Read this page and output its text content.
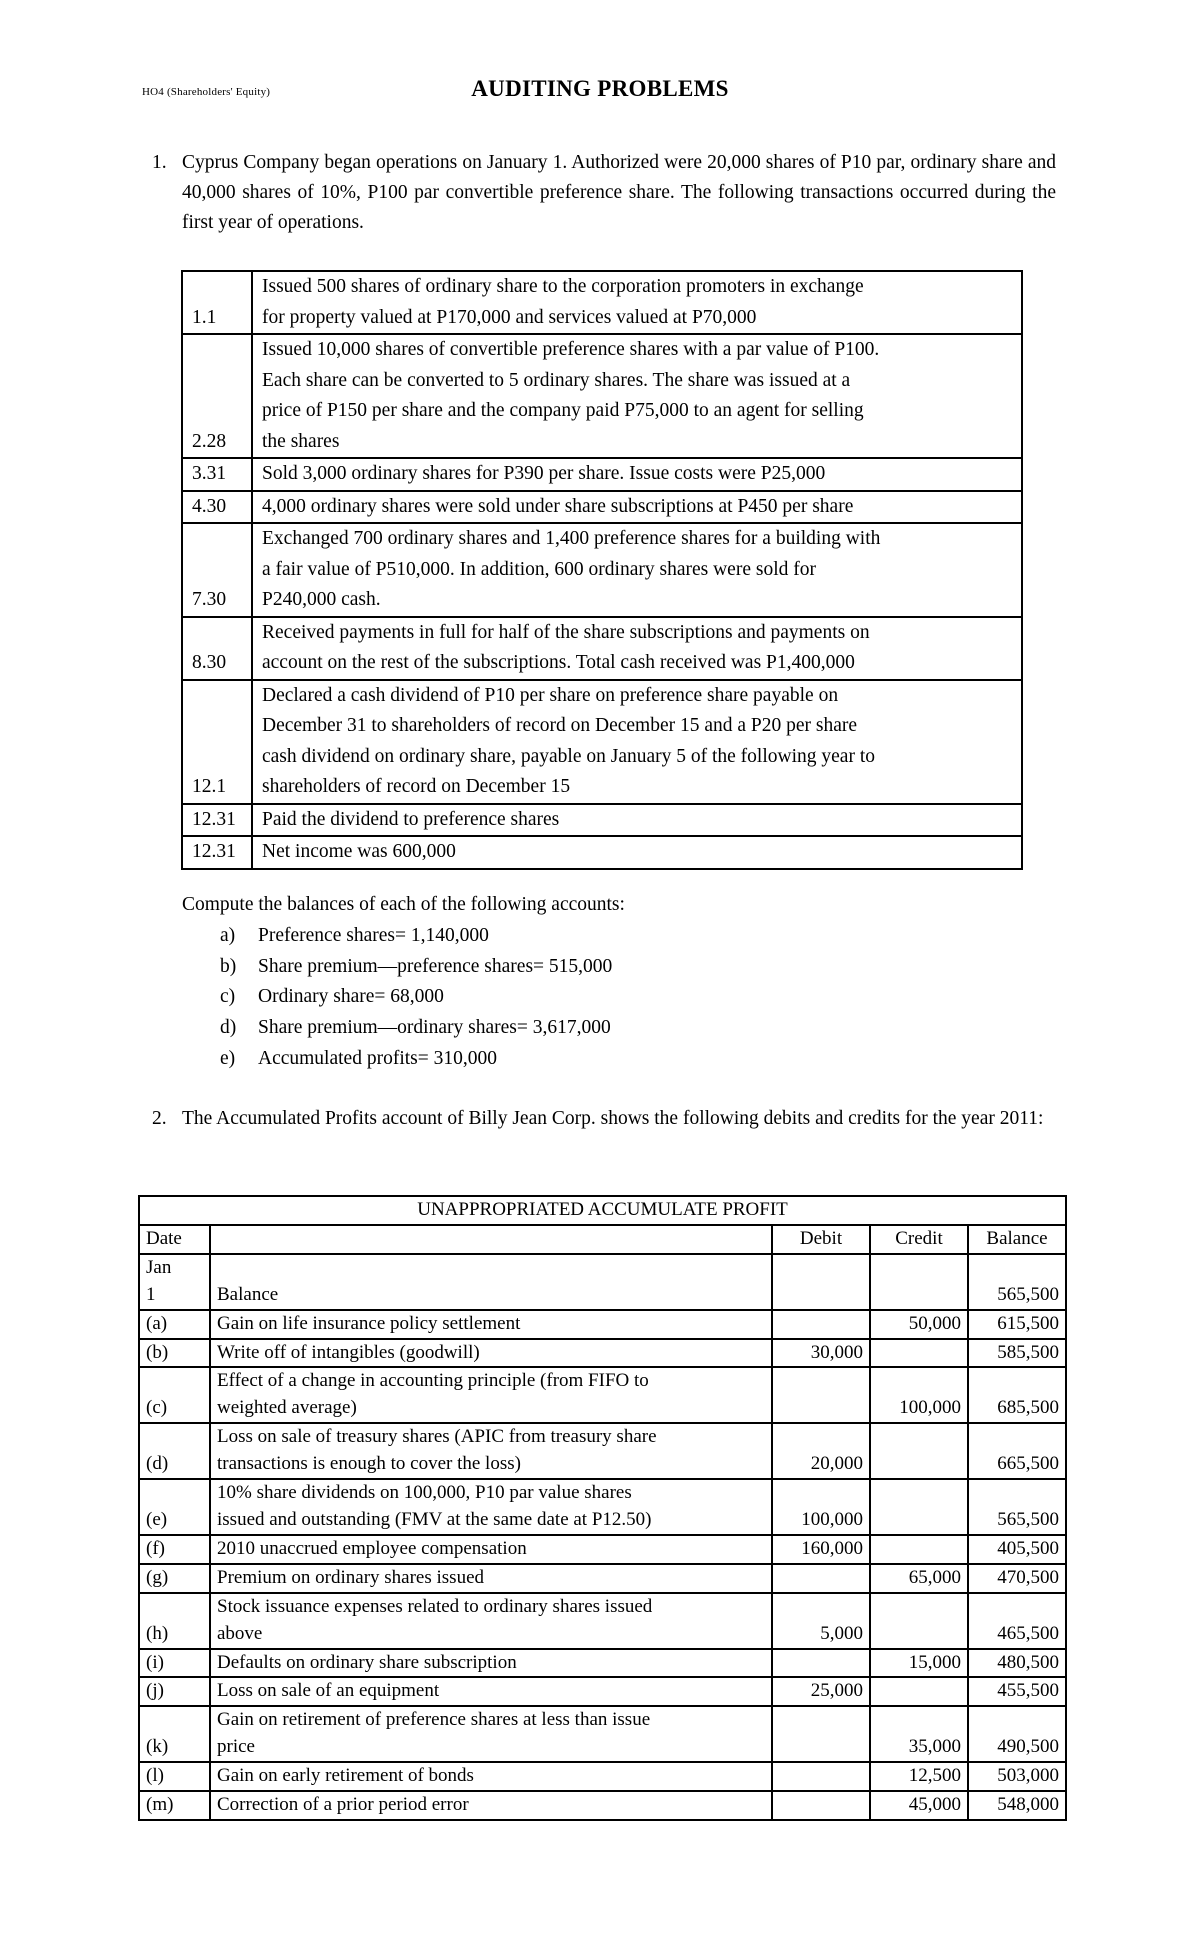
HO4 (Shareholders' Equity)	AUDITING PROBLEMS
1. Cyprus Company began operations on January 1. Authorized were 20,000 shares of P10 par, ordinary share and 40,000 shares of 10%, P100 par convertible preference share. The following transactions occurred during the first year of operations.
1.1	Issued 500 shares of ordinary share to the corporation promoters in exchange
for property valued at P170,000 and services valued at P70,000
2.28	Issued 10,000 shares of convertible preference shares with a par value of P100.
Each share can be converted to 5 ordinary shares. The share was issued at a
price of P150 per share and the company paid P75,000 to an agent for selling
the shares
3.31	Sold 3,000 ordinary shares for P390 per share. Issue costs were P25,000
4.30	4,000 ordinary shares were sold under share subscriptions at P450 per share
7.30	Exchanged 700 ordinary shares and 1,400 preference shares for a building with
a fair value of P510,000. In addition, 600 ordinary shares were sold for
P240,000 cash.
8.30	Received payments in full for half of the share subscriptions and payments on
account on the rest of the subscriptions. Total cash received was P1,400,000
12.1	Declared a cash dividend of P10 per share on preference share payable on
December 31 to shareholders of record on December 15 and a P20 per share
cash dividend on ordinary share, payable on January 5 of the following year to
shareholders of record on December 15
12.31	Paid the dividend to preference shares
12.31	Net income was 600,000
Compute the balances of each of the following accounts:
a) Preference shares= 1,140,000
b) Share premium—preference shares= 515,000
c) Ordinary share= 68,000
d) Share premium—ordinary shares= 3,617,000
e) Accumulated profits= 310,000
2. The Accumulated Profits account of Billy Jean Corp. shows the following debits and credits for the year 2011:
UNAPPROPRIATED ACCUMULATE PROFIT				
Date		Debit	Credit	Balance
Jan
1	Balance			565,500
(a)	Gain on life insurance policy settlement		50,000	615,500
(b)	Write off of intangibles (goodwill)	30,000		585,500
(c)	Effect of a change in accounting principle (from FIFO to
weighted average)		100,000	685,500
(d)	Loss on sale of treasury shares (APIC from treasury share
transactions is enough to cover the loss)	20,000		665,500
(e)	10% share dividends on 100,000, P10 par value shares
issued and outstanding (FMV at the same date at P12.50)	100,000		565,500
(f)	2010 unaccrued employee compensation	160,000		405,500
(g)	Premium on ordinary shares issued		65,000	470,500
(h)	Stock issuance expenses related to ordinary shares issued
above	5,000		465,500
(i)	Defaults on ordinary share subscription		15,000	480,500
(j)	Loss on sale of an equipment	25,000		455,500
(k)	Gain on retirement of preference shares at less than issue
price		35,000	490,500
(l)	Gain on early retirement of bonds		12,500	503,000
(m)	Correction of a prior period error		45,000	548,000
